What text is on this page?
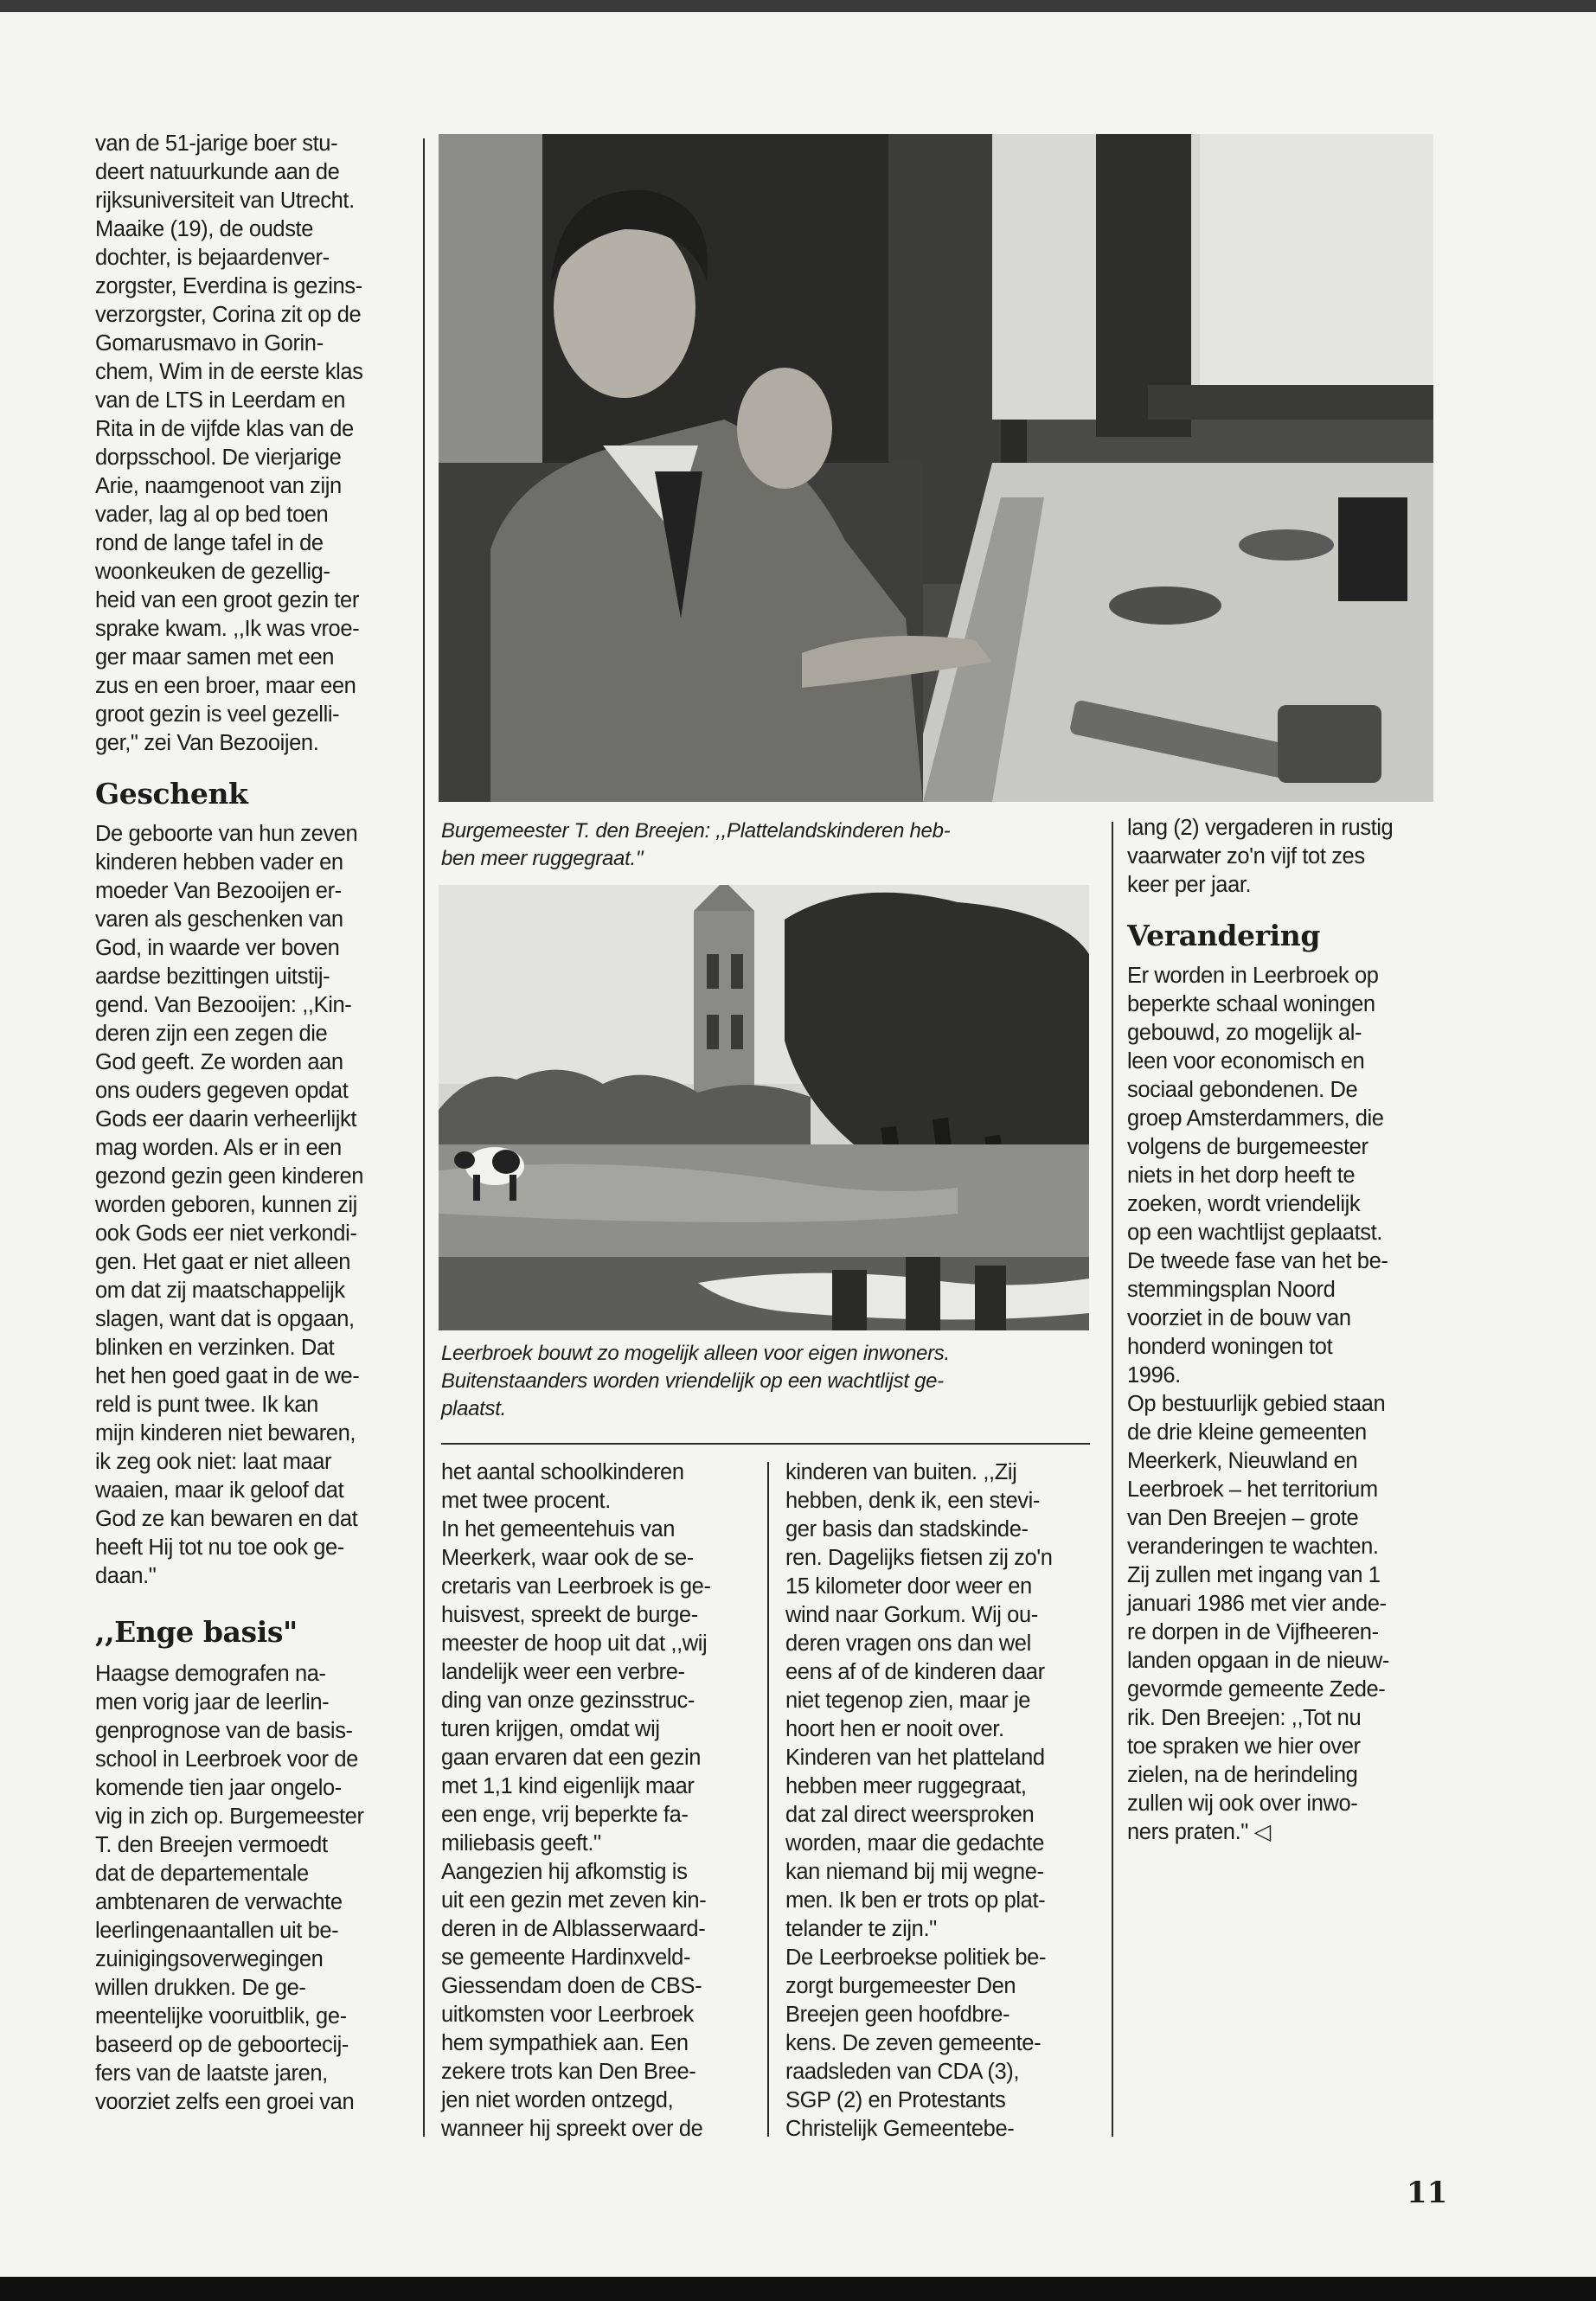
van de 51-jarige boer stu-
deert natuurkunde aan de
rijksuniversiteit van Utrecht.
Maaike (19), de oudste
dochter, is bejaardenver-
zorgster, Everdina is gezins-
verzorgster, Corina zit op de
Gomarusmavo in Gorin-
chem, Wim in de eerste klas
van de LTS in Leerdam en
Rita in de vijfde klas van de
dorpsschool. De vierjarige
Arie, naamgenoot van zijn
vader, lag al op bed toen
rond de lange tafel in de
woonkeuken de gezellig-
heid van een groot gezin ter
sprake kwam. ,,Ik was vroe-
ger maar samen met een
zus en een broer, maar een
groot gezin is veel gezelli-
ger," zei Van Bezooijen.

Geschenk

De geboorte van hun zeven
kinderen hebben vader en
moeder Van Bezooijen er-
varen als geschenken van
God, in waarde ver boven
aardse bezittingen uitstij-
gend. Van Bezooijen: ,,Kin-
deren zijn een zegen die
God geeft. Ze worden aan
ons ouders gegeven opdat
Gods eer daarin verheerlijkt
mag worden. Als er in een
gezond gezin geen kinderen
worden geboren, kunnen zij
ook Gods eer niet verkondi-
gen. Het gaat er niet alleen
om dat zij maatschappelijk
slagen, want dat is opgaan,
blinken en verzinken. Dat
het hen goed gaat in de we-
reld is punt twee. Ik kan
mijn kinderen niet bewaren,
ik zeg ook niet: laat maar
waaien, maar ik geloof dat
God ze kan bewaren en dat
heeft Hij tot nu toe ook ge-
daan."

,,Enge basis"

Haagse demografen na-
men vorig jaar de leerlin-
genprognose van de basis-
school in Leerbroek voor de
komende tien jaar ongelo-
vig in zich op. Burgemeester
T. den Breejen vermoedt
dat de departementale
ambtenaren de verwachte
leerlingenaantallen uit be-
zuinigingsoverwegingen
willen drukken. De ge-
meentelijke vooruitblik, ge-
baseerd op de geboortecij-
fers van de laatste jaren,
voorziet zelfs een groei van

Burgemeester T. den Breejen: ,,Plattelandskinderen heb-
ben meer ruggegraat."
Leerbroek bouwt zo mogelijk alleen voor eigen inwoners.
Buitenstaanders worden vriendelijk op een wachtlijst ge-
plaatst.

het aantal schoolkinderen
met twee procent.
In het gemeentehuis van
Meerkerk, waar ook de se-
cretaris van Leerbroek is ge-
huisvest, spreekt de burge-
meester de hoop uit dat ,,wij
landelijk weer een verbre-
ding van onze gezinsstruc-
turen krijgen, omdat wij
gaan ervaren dat een gezin
met 1,1 kind eigenlijk maar
een enge, vrij beperkte fa-
miliebasis geeft."
Aangezien hij afkomstig is
uit een gezin met zeven kin-
deren in de Alblasserwaard-
se gemeente Hardinxveld-
Giessendam doen de CBS-
uitkomsten voor Leerbroek
hem sympathiek aan. Een
zekere trots kan Den Bree-
jen niet worden ontzegd,
wanneer hij spreekt over de

kinderen van buiten. ,,Zij
hebben, denk ik, een stevi-
ger basis dan stadskinde-
ren. Dagelijks fietsen zij zo'n
15 kilometer door weer en
wind naar Gorkum. Wij ou-
deren vragen ons dan wel
eens af of de kinderen daar
niet tegenop zien, maar je
hoort hen er nooit over.
Kinderen van het platteland
hebben meer ruggegraat,
dat zal direct weersproken
worden, maar die gedachte
kan niemand bij mij wegne-
men. Ik ben er trots op plat-
telander te zijn."
De Leerbroekse politiek be-
zorgt burgemeester Den
Breejen geen hoofdbre-
kens. De zeven gemeente-
raadsleden van CDA (3),
SGP (2) en Protestants
Christelijk Gemeentebe-

lang (2) vergaderen in rustig
vaarwater zo'n vijf tot zes
keer per jaar.

Verandering

Er worden in Leerbroek op
beperkte schaal woningen
gebouwd, zo mogelijk al-
leen voor economisch en
sociaal gebondenen. De
groep Amsterdammers, die
volgens de burgemeester
niets in het dorp heeft te
zoeken, wordt vriendelijk
op een wachtlijst geplaatst.
De tweede fase van het be-
stemmingsplan Noord
voorziet in de bouw van
honderd woningen tot
1996.
Op bestuurlijk gebied staan
de drie kleine gemeenten
Meerkerk, Nieuwland en
Leerbroek – het territorium
van Den Breejen – grote
veranderingen te wachten.
Zij zullen met ingang van 1
januari 1986 met vier ande-
re dorpen in de Vijfheeren-
landen opgaan in de nieuw-
gevormde gemeente Zede-
rik. Den Breejen: ,,Tot nu
toe spraken we hier over
zielen, na de herindeling
zullen wij ook over inwo-
ners praten." ◁

11
